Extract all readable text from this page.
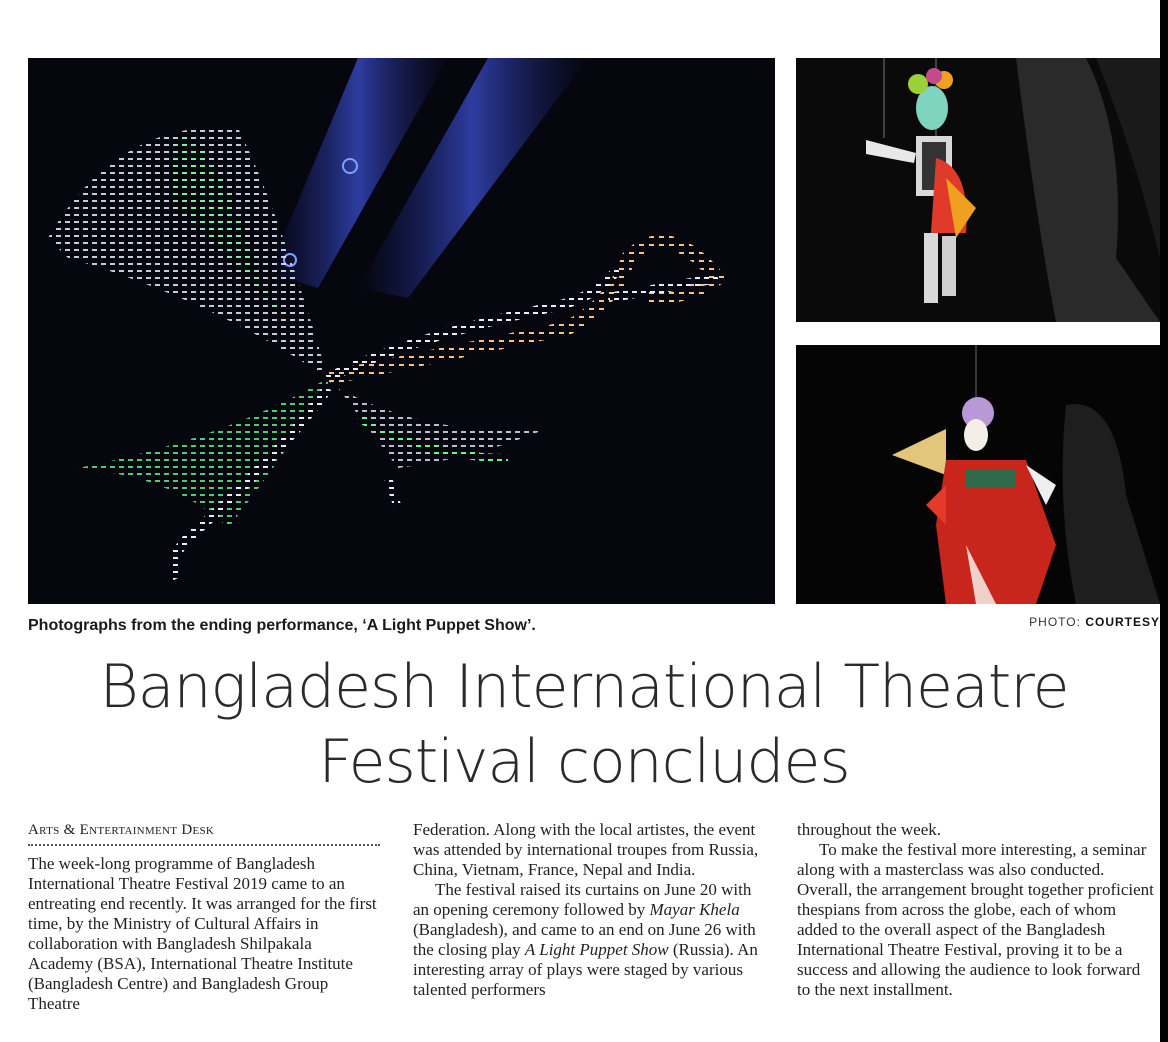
Photographs from the ending performance, ‘A Light Puppet Show’.	PHOTO: COURTESY
Bangladesh International Theatre
Festival concludes
Arts & Entertainment Desk

The week-long programme of Bangladesh International Theatre Festival 2019 came to an entreating end recently. It was arranged for the first time, by the Ministry of Cultural Affairs in collaboration with Bangladesh Shilpakala Academy (BSA), International Theatre Institute (Bangladesh Centre) and Bangladesh Group Theatre

Federation. Along with the local artistes, the event was attended by international troupes from Russia, China, Vietnam, France, Nepal and India.

The festival raised its curtains on June 20 with an opening ceremony followed by Mayar Khela (Bangladesh), and came to an end on June 26 with the closing play A Light Puppet Show (Russia). An interesting array of plays were staged by various talented performers

throughout the week.

To make the festival more interesting, a seminar along with a masterclass was also conducted. Overall, the arrangement brought together proficient thespians from across the globe, each of whom added to the overall aspect of the Bangladesh International Theatre Festival, proving it to be a success and allowing the audience to look forward to the next installment.
